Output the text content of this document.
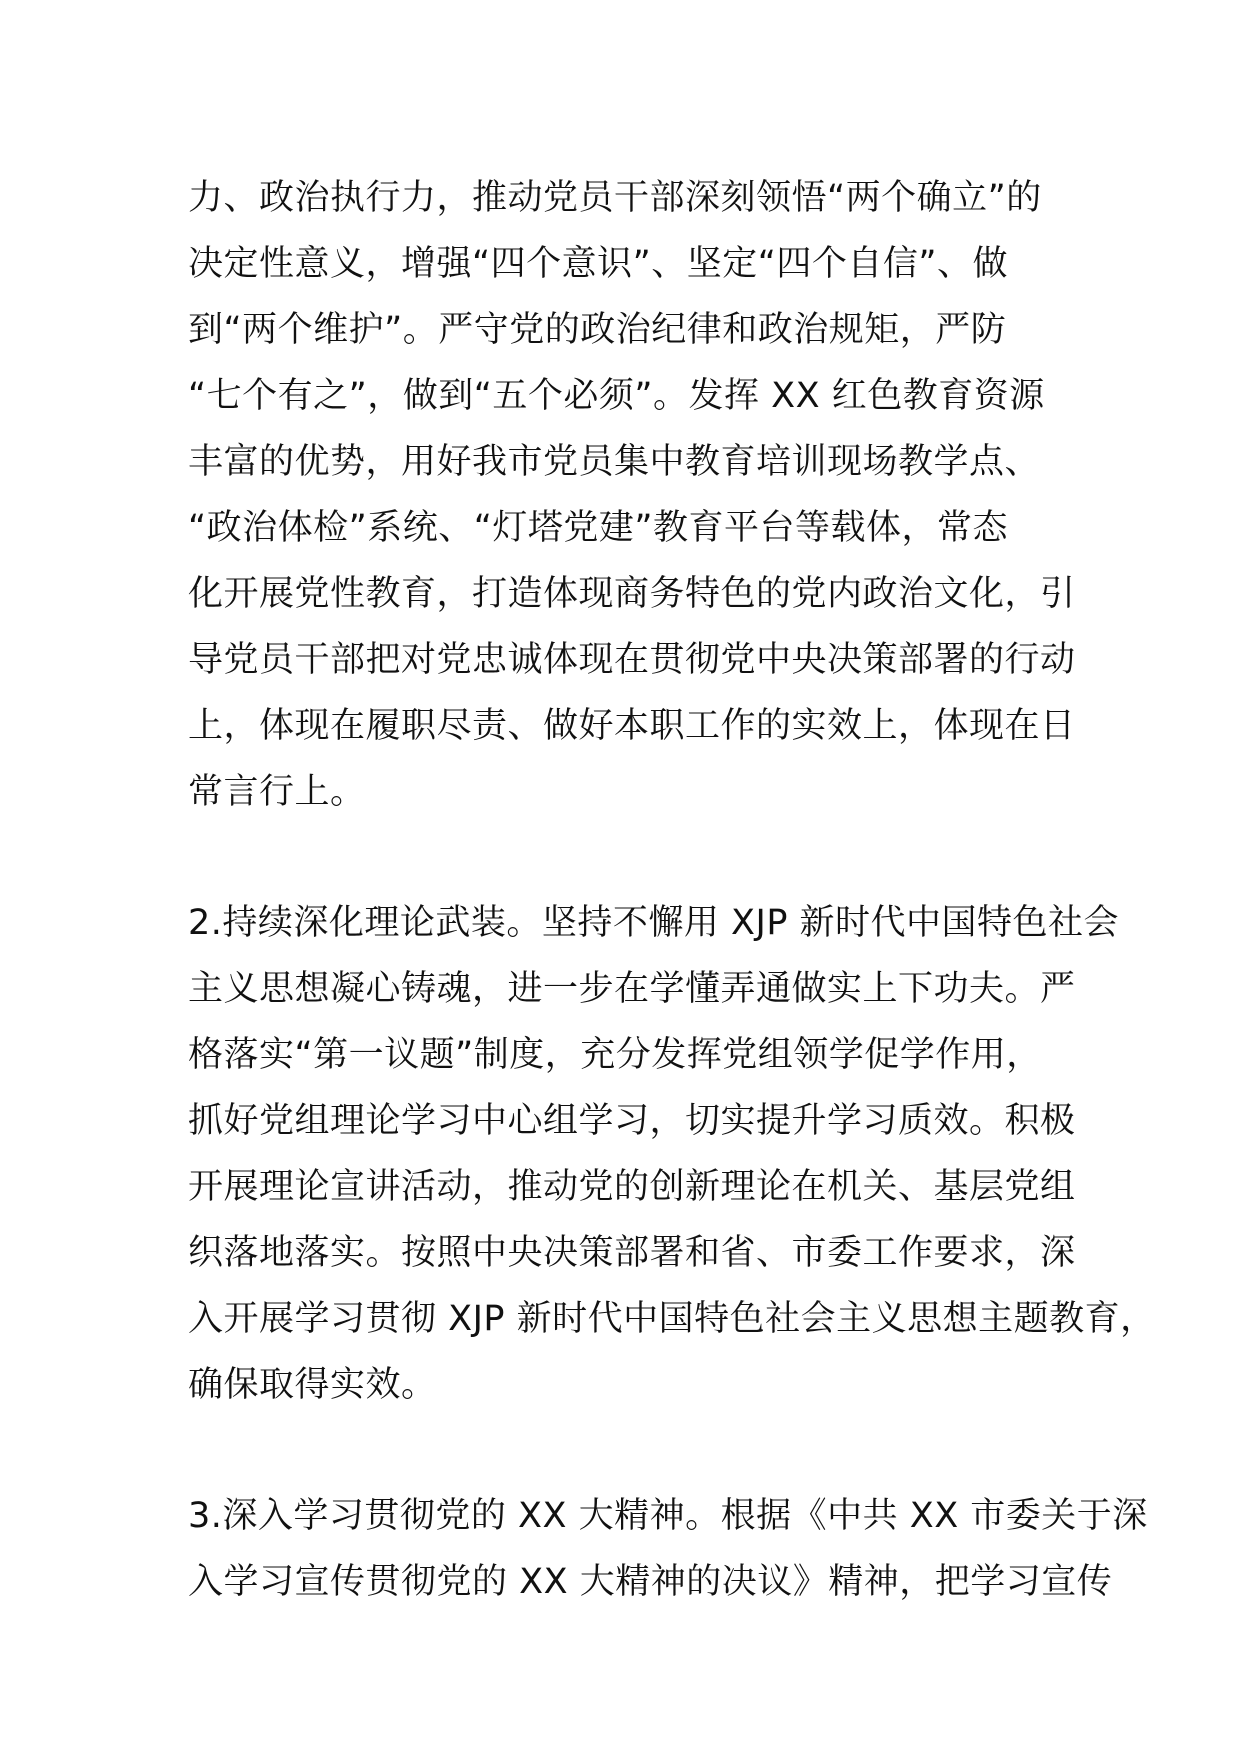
力、政治执行力，推动党员干部深刻领悟“两个确立”的
决定性意义，增强“四个意识”、坚定“四个自信”、做
到“两个维护”。严守党的政治纪律和政治规矩，严防
“七个有之”，做到“五个必须”。发挥 XX 红色教育资源
丰富的优势，用好我市党员集中教育培训现场教学点、
“政治体检”系统、“灯塔党建”教育平台等载体，常态
化开展党性教育，打造体现商务特色的党内政治文化，引
导党员干部把对党忠诚体现在贯彻党中央决策部署的行动
上，体现在履职尽责、做好本职工作的实效上，体现在日
常言行上。
2.持续深化理论武装。坚持不懈用 XJP 新时代中国特色社会
主义思想凝心铸魂，进一步在学懂弄通做实上下功夫。严
格落实“第一议题”制度，充分发挥党组领学促学作用，
抓好党组理论学习中心组学习，切实提升学习质效。积极
开展理论宣讲活动，推动党的创新理论在机关、基层党组
织落地落实。按照中央决策部署和省、市委工作要求，深
入开展学习贯彻 XJP 新时代中国特色社会主义思想主题教育，
确保取得实效。
3.深入学习贯彻党的 XX 大精神。根据《中共 XX 市委关于深
入学习宣传贯彻党的 XX 大精神的决议》精神，把学习宣传
